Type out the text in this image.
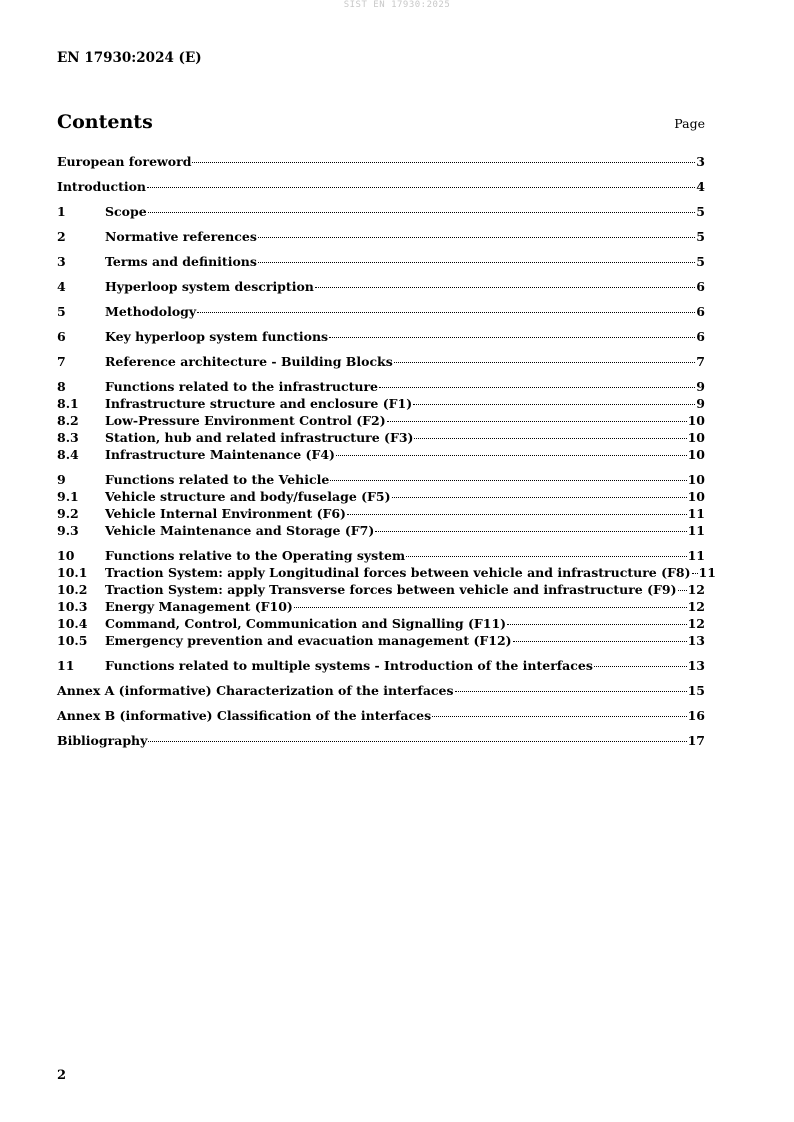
SIST EN 17930:2025
EN 17930:2024 (E)
Contents	Page
European foreword	3
Introduction	4
1	Scope	5
2	Normative references	5
3	Terms and definitions	5
4	Hyperloop system description	6
5	Methodology	6
6	Key hyperloop system functions	6
7	Reference architecture - Building Blocks	7
8	Functions related to the infrastructure	9
8.1	Infrastructure structure and enclosure (F1)	9
8.2	Low-Pressure Environment Control (F2)	10
8.3	Station, hub and related infrastructure (F3)	10
8.4	Infrastructure Maintenance (F4)	10
9	Functions related to the Vehicle	10
9.1	Vehicle structure and body/fuselage (F5)	10
9.2	Vehicle Internal Environment (F6)	11
9.3	Vehicle Maintenance and Storage (F7)	11
10	Functions relative to the Operating system	11
10.1	Traction System: apply Longitudinal forces between vehicle and infrastructure (F8) 11
10.2	Traction System: apply Transverse forces between vehicle and infrastructure (F9) 12
10.3	Energy Management (F10)	12
10.4	Command, Control, Communication and Signalling (F11)	12
10.5	Emergency prevention and evacuation management (F12)	13
11	Functions related to multiple systems - Introduction of the interfaces	13
Annex A (informative) Characterization of the interfaces	15
Annex B (informative) Classification of the interfaces	16
Bibliography	17
2
